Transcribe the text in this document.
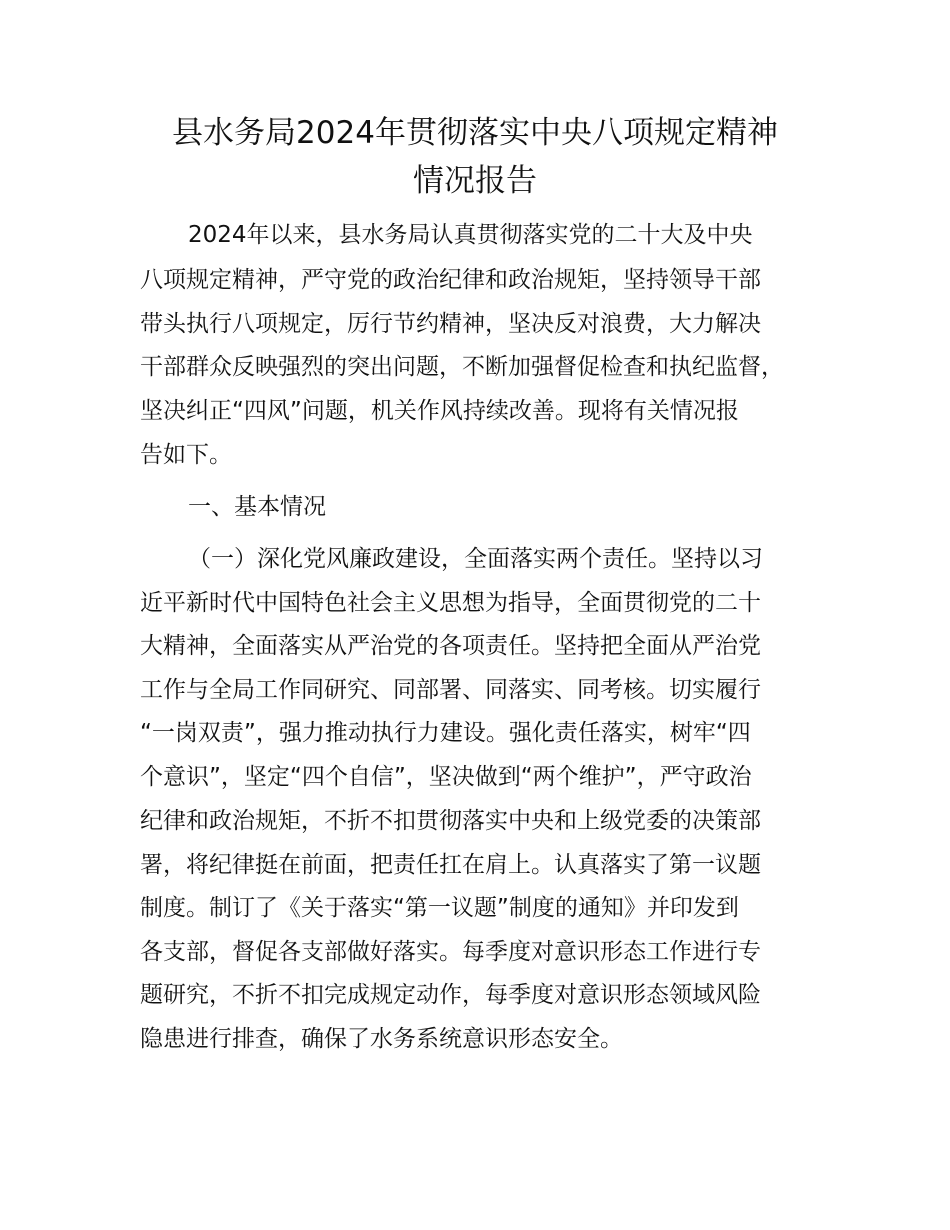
县水务局2024年贯彻落实中央八项规定精神
情况报告

2024年以来，县水务局认真贯彻落实党的二十大及中央

八项规定精神，严守党的政治纪律和政治规矩，坚持领导干部

带头执行八项规定，厉行节约精神，坚决反对浪费，大力解决

干部群众反映强烈的突出问题，不断加强督促检查和执纪监督，

坚决纠正“四风”问题，机关作风持续改善。现将有关情况报

告如下。

一、基本情况

（一）深化党风廉政建设，全面落实两个责任。坚持以习

近平新时代中国特色社会主义思想为指导，全面贯彻党的二十

大精神，全面落实从严治党的各项责任。坚持把全面从严治党

工作与全局工作同研究、同部署、同落实、同考核。切实履行

“一岗双责”，强力推动执行力建设。强化责任落实，树牢“四

个意识”，坚定“四个自信”，坚决做到“两个维护”，严守政治

纪律和政治规矩，不折不扣贯彻落实中央和上级党委的决策部

署，将纪律挺在前面，把责任扛在肩上。认真落实了第一议题

制度。制订了《关于落实“第一议题”制度的通知》并印发到

各支部，督促各支部做好落实。每季度对意识形态工作进行专

题研究，不折不扣完成规定动作，每季度对意识形态领域风险

隐患进行排查，确保了水务系统意识形态安全。
